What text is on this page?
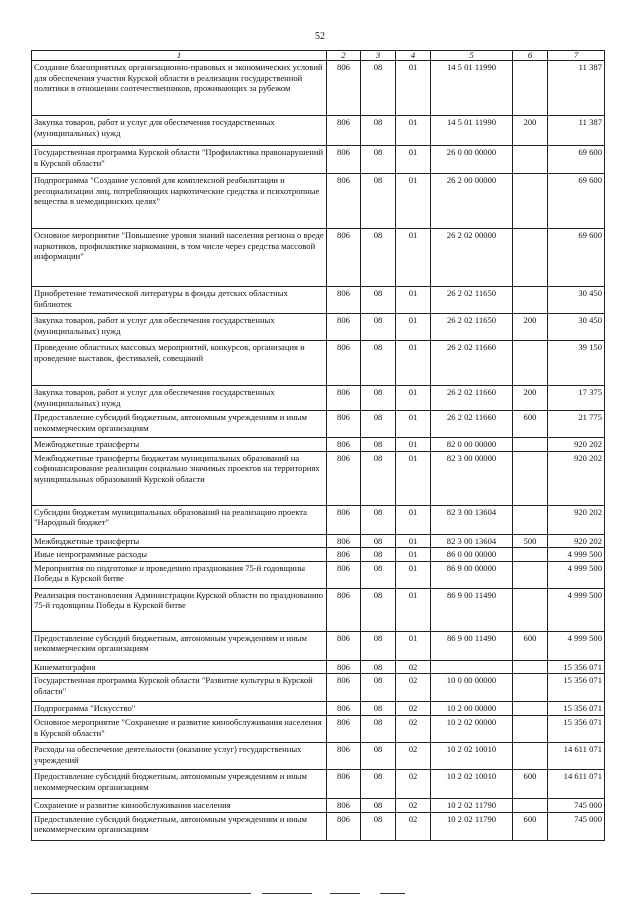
52
1	2	3	4	5	6	7
Создание благоприятных организационно-правовых и экономических условий для обеспечения участия Курской области в реализации государственной политики в отношении соотечественников, проживающих за рубежом	806	08	01	14 5 01 11990		11 387
Закупка товаров, работ и услуг для обеспечения государственных (муниципальных) нужд	806	08	01	14 5 01 11990	200	11 387
Государственная программа Курской области "Профилактика правонарушений в Курской области"	806	08	01	26 0 00 00000		69 600
Подпрограмма "Создание условий для комплексной реабилитации и ресоциализации лиц, потребляющих наркотические средства и психотропные вещества в немедицинских целях"	806	08	01	26 2 00 00000		69 600
Основное мероприятие "Повышение уровня знаний населения региона о вреде наркотиков, профилактике наркомании, в том числе через средства массовой информации"	806	08	01	26 2 02 00000		69 600
Приобретение тематической литературы в фонды детских областных библиотек	806	08	01	26 2 02 11650		30 450
Закупка товаров, работ и услуг для обеспечения государственных (муниципальных) нужд	806	08	01	26 2 02 11650	200	30 450
Проведение областных массовых мероприятий, конкурсов, организация и проведение выставок, фестивалей, совещаний	806	08	01	26 2 02 11660		39 150
Закупка товаров, работ и услуг для обеспечения государственных (муниципальных) нужд	806	08	01	26 2 02 11660	200	17 375
Предоставление субсидий бюджетным, автономным учреждениям и иным некоммерческим организациям	806	08	01	26 2 02 11660	600	21 775
Межбюджетные трансферты	806	08	01	82 0 00 00000		920 202
Межбюджетные трансферты бюджетам муниципальных образований на софинансирование реализации социально значимых проектов на территориях муниципальных образований Курской области	806	08	01	82 3 00 00000		920 202
Субсидии бюджетам муниципальных образований на реализацию проекта "Народный бюджет"	806	08	01	82 3 00 13604		920 202
Межбюджетные трансферты	806	08	01	82 3 00 13604	500	920 202
Иные непрограммные расходы	806	08	01	86 0 00 00000		4 999 500
Мероприятия по подготовке и проведению празднования 75-й годовщины Победы в Курской битве	806	08	01	86 9 00 00000		4 999 500
Реализация постановления Администрации Курской области по празднованию 75-й годовщины Победы в Курской битве	806	08	01	86 9 00 11490		4 999 500
Предоставление субсидий бюджетным, автономным учреждениям и иным некоммерческим организациям	806	08	01	86 9 00 11490	600	4 999 500
Кинематография	806	08	02			15 356 071
Государственная программа Курской области "Развитие культуры в Курской области"	806	08	02	10 0 00 00000		15 356 071
Подпрограмма "Искусство"	806	08	02	10 2 00 00000		15 356 071
Основное мероприятие "Сохранение и развитие кинообслуживания населения в Курской области"	806	08	02	10 2 02 00000		15 356 071
Расходы на обеспечение деятельности (оказание услуг) государственных учреждений	806	08	02	10 2 02 10010		14 611 071
Предоставление субсидий бюджетным, автономным учреждениям и иным некоммерческим организациям	806	08	02	10 2 02 10010	600	14 611 071
Сохранение и развитие кинообслуживания населения	806	08	02	10 2 02 11790		745 000
Предоставление субсидий бюджетным, автономным учреждениям и иным некоммерческим организациям	806	08	02	10 2 02 11790	600	745 000
